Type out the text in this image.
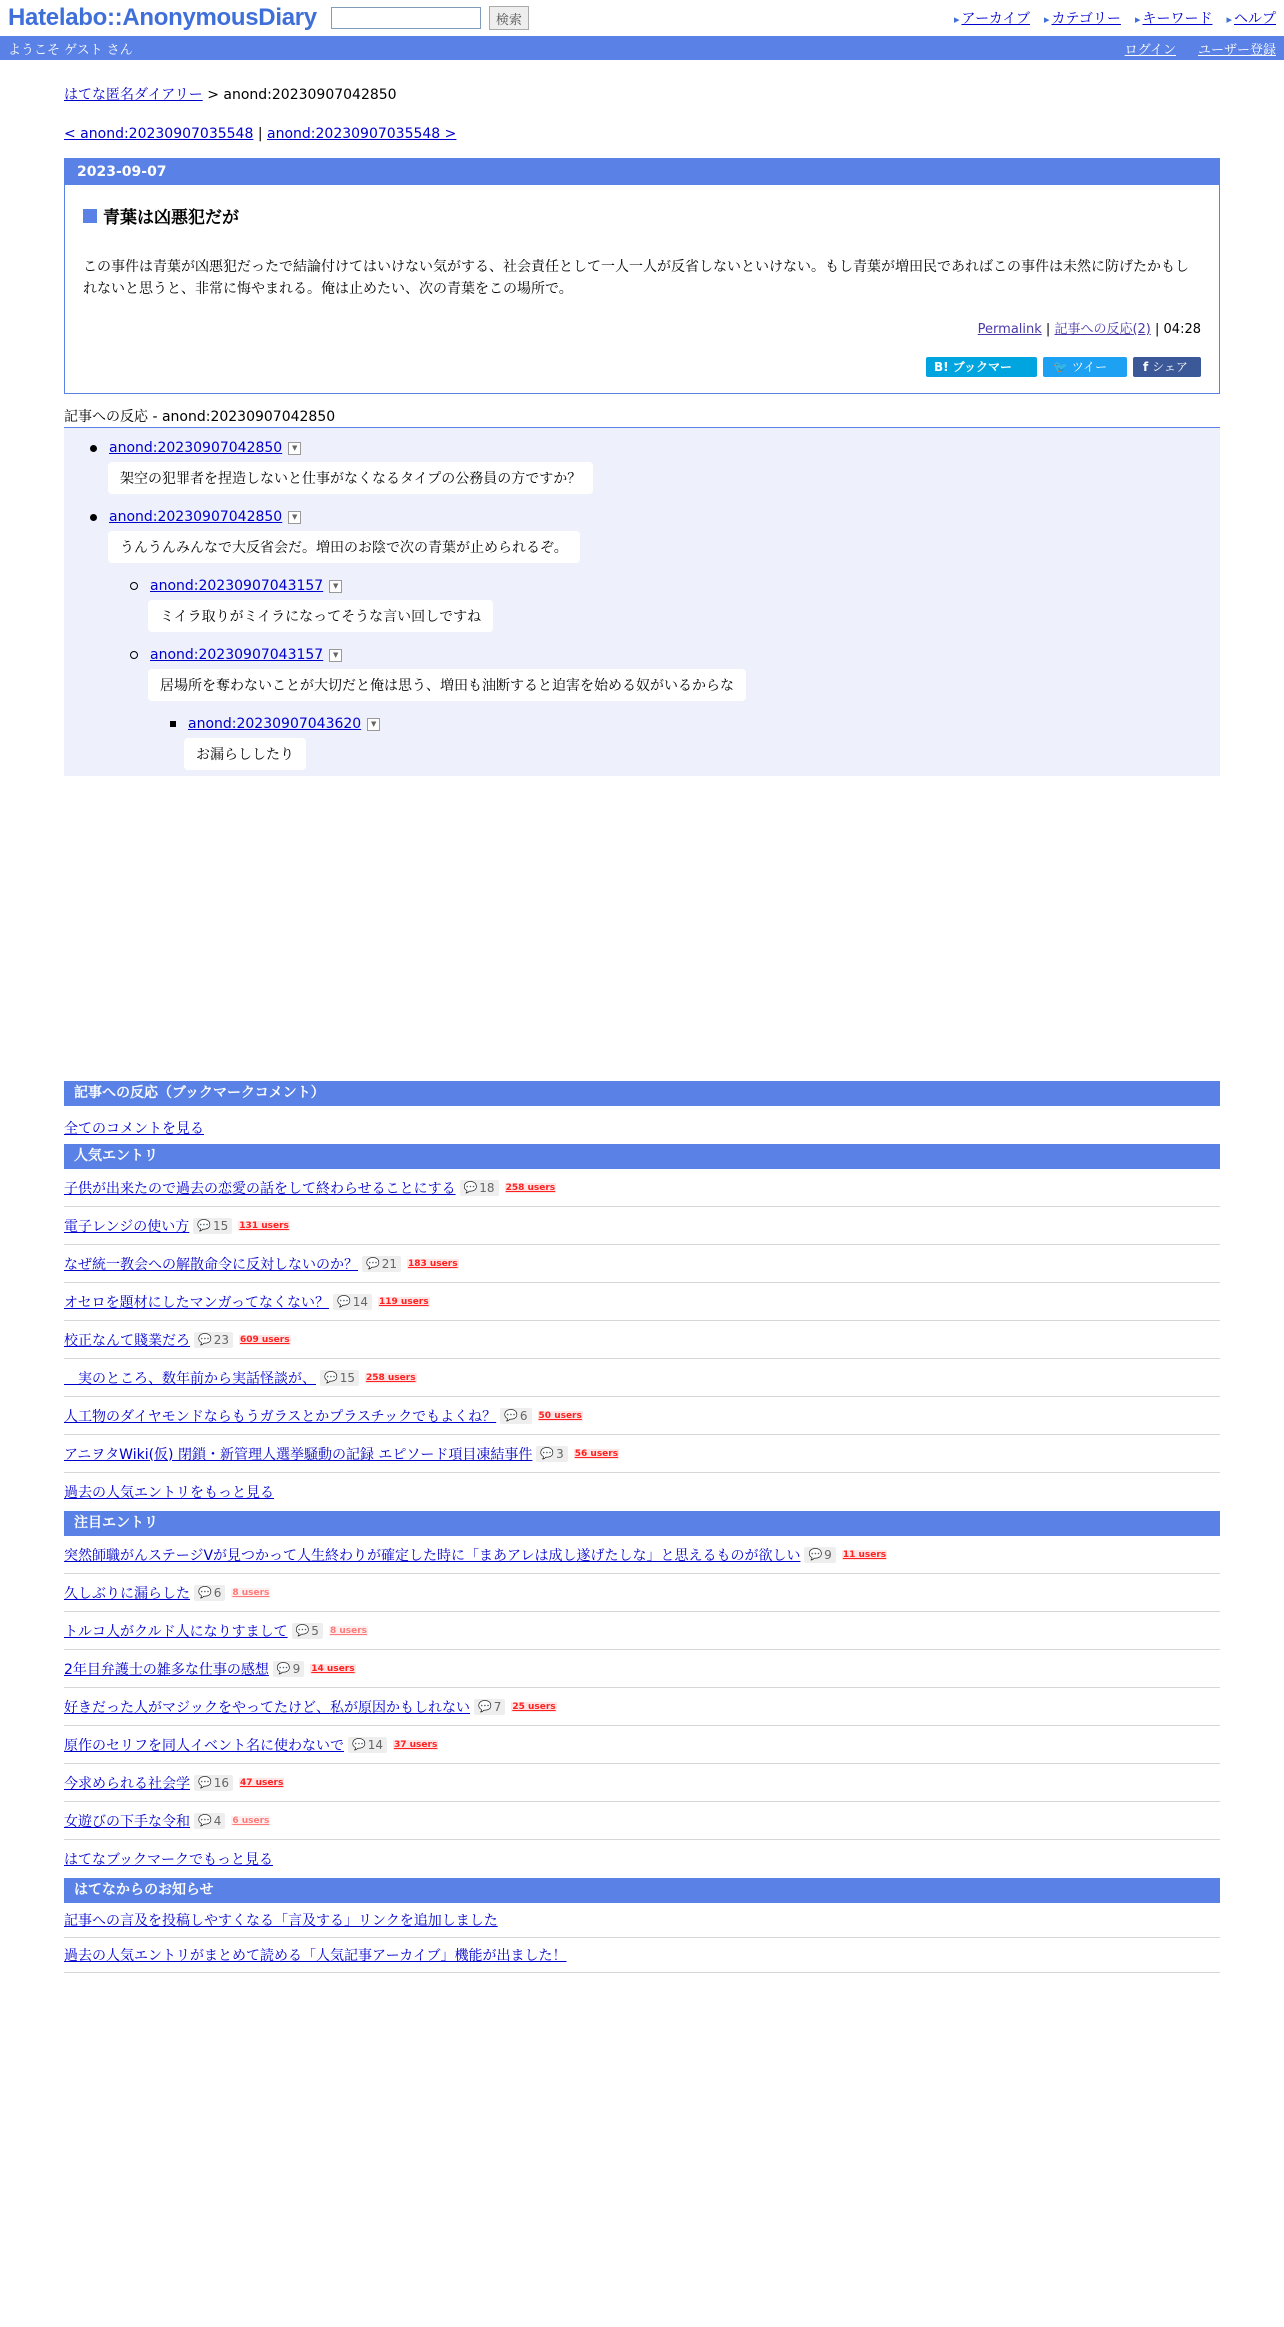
Hatelabo::AnonymousDiary	検索	▸ アーカイブ	▸ カテゴリー	▸ キーワード	▸ ヘルプ
ようこそ ゲスト さん	ログイン ユーザー登録
はてな匿名ダイアリー > anond:20230907042850
< anond:20230907035548 | anond:20230907035548 >
2023-09-07
青葉は凶悪犯だが
この事件は青葉が凶悪犯だったで結論付けてはいけない気がする、社会責任として一人一人が反省しないといけない。もし青葉が増田民であればこの事件は未然に防げたかもしれないと思うと、非常に悔やまれる。俺は止めたい、次の青葉をこの場所で。
Permalink | 記事への反応(2) | 04:28
B! ブックマーク 0
🐦 ツイート
f シェア
記事への反応 - anond:20230907042850
anond:20230907042850	▼
架空の犯罪者を捏造しないと仕事がなくなるタイプの公務員の方ですか？
anond:20230907042850	▼
うんうんみんなで大反省会だ。増田のお陰で次の青葉が止められるぞ。
anond:20230907043157	▼
ミイラ取りがミイラになってそうな言い回しですね
anond:20230907043157	▼
居場所を奪わないことが大切だと俺は思う、増田も油断すると迫害を始める奴がいるからな
anond:20230907043620	▼
お漏らししたり
記事への反応（ブックマークコメント）
全てのコメントを見る
人気エントリ
子供が出来たので過去の恋愛の話をして終わらせることにする 💬 18 258 users
電子レンジの使い方 💬 15 131 users
なぜ統一教会への解散命令に反対しないのか？ 💬 21 183 users
オセロを題材にしたマンガってなくない？ 💬 14 119 users
校正なんて賤業だろ 💬 23 609 users
　実のところ、数年前から実話怪談が、 💬 15 258 users
人工物のダイヤモンドならもうガラスとかプラスチックでもよくね？ 💬 6 50 users
アニヲタWiki(仮) 閉鎖・新管理人選挙騒動の記録 エピソード項目凍結事件 💬 3 56 users
過去の人気エントリをもっと見る
注目エントリ
突然師職がんステージVが見つかって人生終わりが確定した時に「まあアレは成し遂げたしな」と思えるものが欲しい 💬 9 11 users
久しぶりに漏らした 💬 6 8 users
トルコ人がクルド人になりすまして 💬 5 8 users
2年目弁護士の雑多な仕事の感想 💬 9 14 users
好きだった人がマジックをやってたけど、私が原因かもしれない 💬 7 25 users
原作のセリフを同人イベント名に使わないで 💬 14 37 users
今求められる社会学 💬 16 47 users
女遊びの下手な令和 💬 4 6 users
はてなブックマークでもっと見る
はてなからのお知らせ
記事への言及を投稿しやすくなる「言及する」リンクを追加しました
過去の人気エントリがまとめて読める「人気記事アーカイブ」機能が出ました！
